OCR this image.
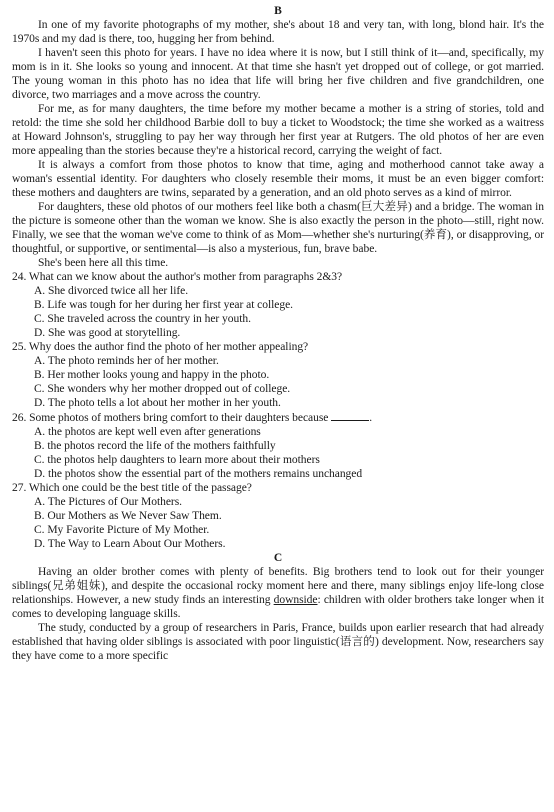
B

In one of my favorite photographs of my mother, she's about 18 and very tan, with long, blond hair. It's the 1970s and my dad is there, too, hugging her from behind.

I haven't seen this photo for years. I have no idea where it is now, but I still think of it—and, specifically, my mom is in it. She looks so young and innocent. At that time she hasn't yet dropped out of college, or got married. The young woman in this photo has no idea that life will bring her five children and five grandchildren, one divorce, two marriages and a move across the country.

For me, as for many daughters, the time before my mother became a mother is a string of stories, told and retold: the time she sold her childhood Barbie doll to buy a ticket to Woodstock; the time she worked as a waitress at Howard Johnson's, struggling to pay her way through her first year at Rutgers. The old photos of her are even more appealing than the stories because they're a historical record, carrying the weight of fact.

It is always a comfort from those photos to know that time, aging and motherhood cannot take away a woman's essential identity. For daughters who closely resemble their moms, it must be an even bigger comfort: these mothers and daughters are twins, separated by a generation, and an old photo serves as a kind of mirror.

For daughters, these old photos of our mothers feel like both a chasm(巨大差异) and a bridge. The woman in the picture is someone other than the woman we know. She is also exactly the person in the photo—still, right now. Finally, we see that the woman we've come to think of as Mom—whether she's nurturing(养育), or disapproving, or thoughtful, or supportive, or sentimental—is also a mysterious, fun, brave babe.

She's been here all this time.

24. What can we know about the author's mother from paragraphs 2&3?

A. She divorced twice all her life.

B. Life was tough for her during her first year at college.

C. She traveled across the country in her youth.

D. She was good at storytelling.

25. Why does the author find the photo of her mother appealing?

A. The photo reminds her of her mother.

B. Her mother looks young and happy in the photo.

C. She wonders why her mother dropped out of college.

D. The photo tells a lot about her mother in her youth.

26. Some photos of mothers bring comfort to their daughters because	.

A. the photos are kept well even after generations

B. the photos record the life of the mothers faithfully

C. the photos help daughters to learn more about their mothers

D. the photos show the essential part of the mothers remains unchanged

27. Which one could be the best title of the passage?

A. The Pictures of Our Mothers.

B. Our Mothers as We Never Saw Them.

C. My Favorite Picture of My Mother.

D. The Way to Learn About Our Mothers.

C

Having an older brother comes with plenty of benefits. Big brothers tend to look out for their younger siblings(兄弟姐妹), and despite the occasional rocky moment here and there, many siblings enjoy life-long close relationships. However, a new study finds an interesting downside: children with older brothers take longer when it comes to developing language skills.

The study, conducted by a group of researchers in Paris, France, builds upon earlier research that had already established that having older siblings is associated with poor linguistic(语言的) development. Now, researchers say they have come to a more specific
